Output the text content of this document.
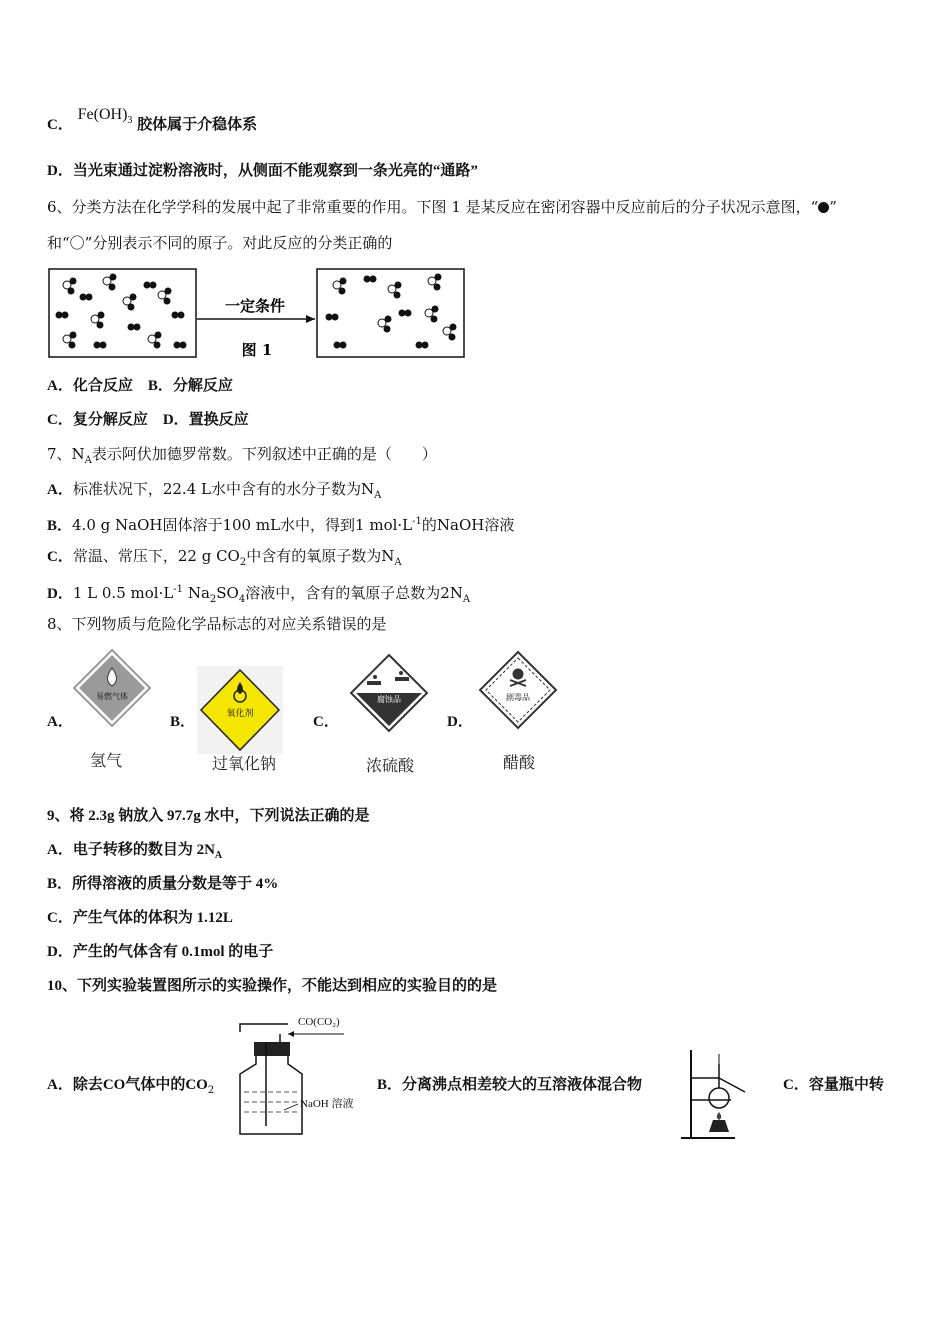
C． $Fe(OH)_3$ 胶体属于介稳体系
D．当光束通过淀粉溶液时，从侧面不能观察到一条光亮的“通路”
6、分类方法在化学学科的发展中起了非常重要的作用。下图 1 是某反应在密闭容器中反应前后的分子状况示意图，“ ”
和“〇”分别表示不同的原子。对此反应的分类正确的
一定条件
图 1
A．化合反应　B．分解反应
C．复分解反应　D．置换反应
7、$N_A$表示阿伏加德罗常数。下列叙述中正确的是（　　）
A．标准状况下，22.4 L水中含有的水分子数为$N_A$
B．4.0 g NaOH固体溶于100 mL水中，得到1 $mol\cdot L^{-1}$的NaOH溶液
C．常温、常压下，22 g $CO_2$中含有的氧原子数为$N_A$
D．1 L 0.5 $mol\cdot L^{-1}$ $Na_2SO_4$溶液中，含有的氧原子总数为$2N_A$
8、下列物质与危险化学品标志的对应关系错误的是
A．
易燃气体
氢气
B．	氧化剂
过氧化钠
C．
腐蚀品
浓硫酸
D．
剧毒品
醋酸
9、将 2.3g 钠放入 97.7g 水中，下列说法正确的是
A．电子转移的数目为 $2N_A$
B．所得溶液的质量分数是等于 4%
C．产生气体的体积为 1.12L
D．产生的气体含有 0.1mol 的电子
10、下列实验装置图所示的实验操作，不能达到相应的实验目的的是
A．除去CO气体中的$CO_2$
CO(CO₂)
NaOH 溶液
B．分离沸点相差较大的互溶液体混合物	C．容量瓶中转
